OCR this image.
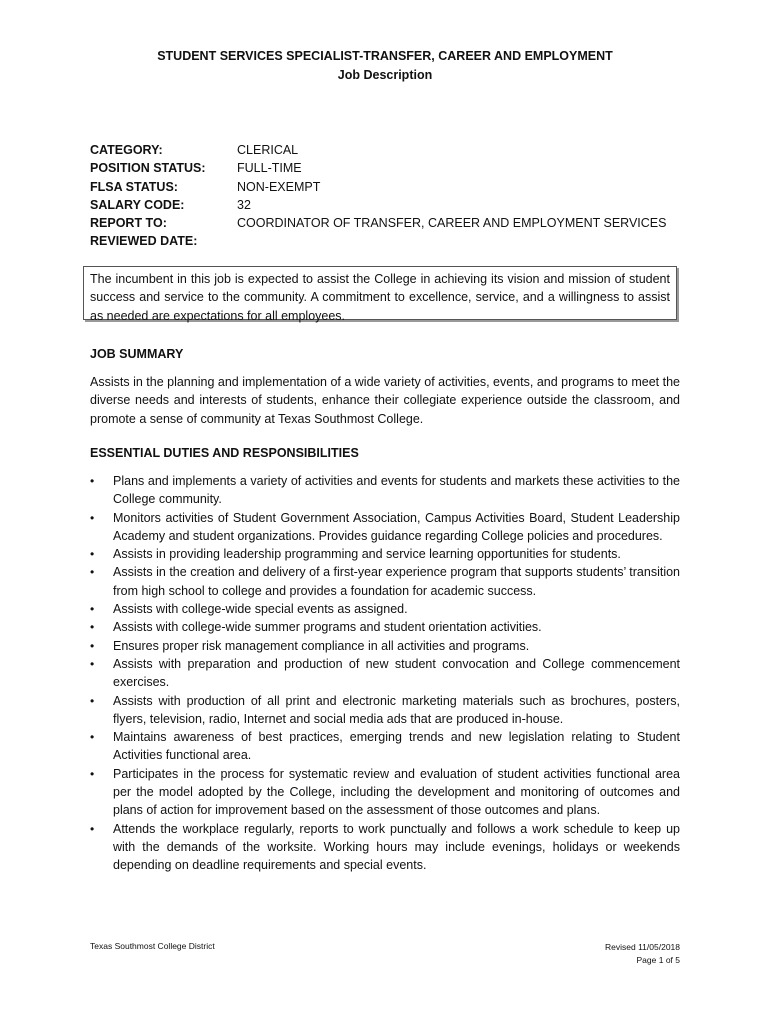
STUDENT SERVICES SPECIALIST-TRANSFER, CAREER AND EMPLOYMENT
Job Description
CATEGORY:	CLERICAL
POSITION STATUS:	FULL-TIME
FLSA STATUS:	NON-EXEMPT
SALARY CODE:	32
REPORT TO:	COORDINATOR OF TRANSFER, CAREER AND EMPLOYMENT SERVICES
REVIEWED DATE:
The incumbent in this job is expected to assist the College in achieving its vision and mission of student success and service to the community. A commitment to excellence, service, and a willingness to assist as needed are expectations for all employees.
JOB SUMMARY
Assists in the planning and implementation of a wide variety of activities, events, and programs to meet the diverse needs and interests of students, enhance their collegiate experience outside the classroom, and promote a sense of community at Texas Southmost College.
ESSENTIAL DUTIES AND RESPONSIBILITIES
• Plans and implements a variety of activities and events for students and markets these activities to the College community.
• Monitors activities of Student Government Association, Campus Activities Board, Student Leadership Academy and student organizations. Provides guidance regarding College policies and procedures.
• Assists in providing leadership programming and service learning opportunities for students.
• Assists in the creation and delivery of a first-year experience program that supports students’ transition from high school to college and provides a foundation for academic success.
• Assists with college-wide special events as assigned.
• Assists with college-wide summer programs and student orientation activities.
• Ensures proper risk management compliance in all activities and programs.
• Assists with preparation and production of new student convocation and College commencement exercises.
• Assists with production of all print and electronic marketing materials such as brochures, posters, flyers, television, radio, Internet and social media ads that are produced in-house.
• Maintains awareness of best practices, emerging trends and new legislation relating to Student Activities functional area.
• Participates in the process for systematic review and evaluation of student activities functional area per the model adopted by the College, including the development and monitoring of outcomes and plans of action for improvement based on the assessment of those outcomes and plans.
• Attends the workplace regularly, reports to work punctually and follows a work schedule to keep up with the demands of the worksite. Working hours may include evenings, holidays or weekends depending on deadline requirements and special events.
Texas Southmost College District	Revised 11/05/2018
Page 1 of 5
